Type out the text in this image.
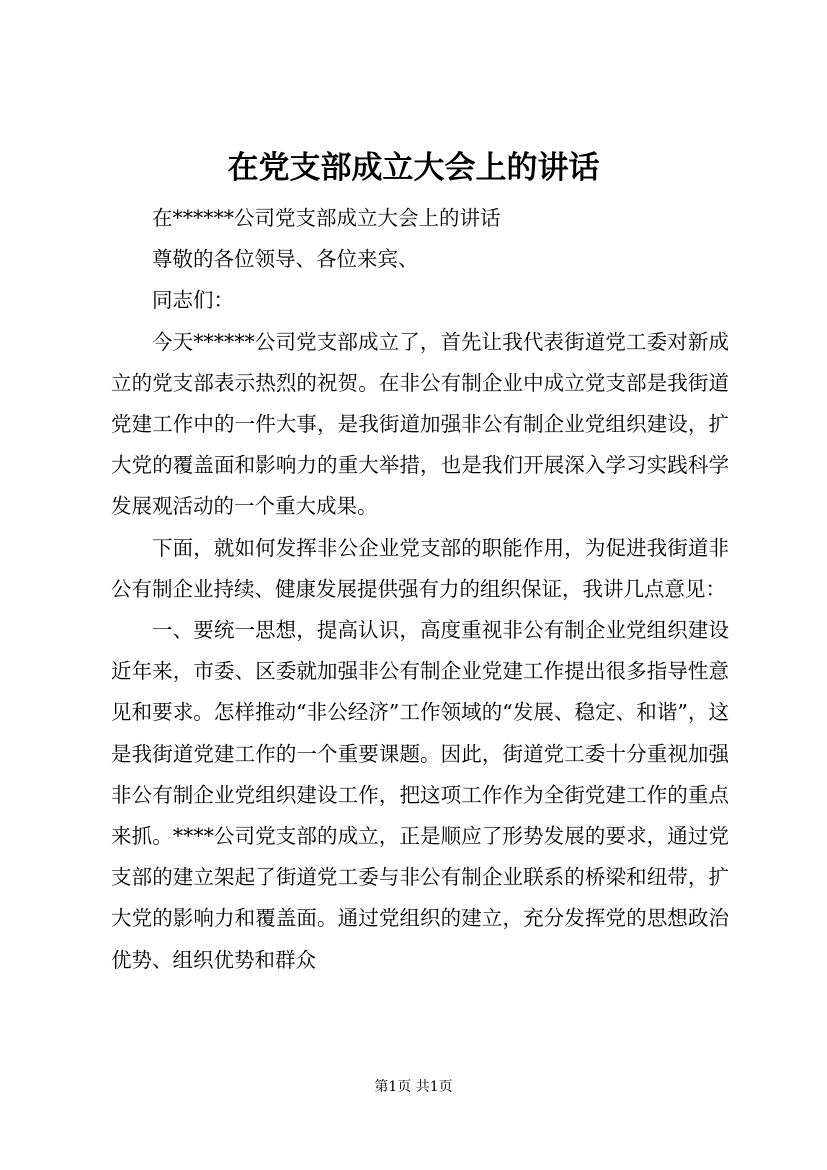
在党支部成立大会上的讲话

在******公司党支部成立大会上的讲话

尊敬的各位领导、各位来宾、

同志们：

今天******公司党支部成立了，首先让我代表街道党工委对新成立的党支部表示热烈的祝贺。在非公有制企业中成立党支部是我街道党建工作中的一件大事，是我街道加强非公有制企业党组织建设，扩大党的覆盖面和影响力的重大举措，也是我们开展深入学习实践科学发展观活动的一个重大成果。

下面，就如何发挥非公企业党支部的职能作用，为促进我街道非公有制企业持续、健康发展提供强有力的组织保证，我讲几点意见：

一、要统一思想，提高认识，高度重视非公有制企业党组织建设近年来，市委、区委就加强非公有制企业党建工作提出很多指导性意见和要求。怎样推动“非公经济”工作领域的“发展、稳定、和谐”，这是我街道党建工作的一个重要课题。因此，街道党工委十分重视加强非公有制企业党组织建设工作，把这项工作作为全街党建工作的重点来抓。****公司党支部的成立，正是顺应了形势发展的要求，通过党支部的建立架起了街道党工委与非公有制企业联系的桥梁和纽带，扩大党的影响力和覆盖面。通过党组织的建立，充分发挥党的思想政治优势、组织优势和群众

第1页 共1页
